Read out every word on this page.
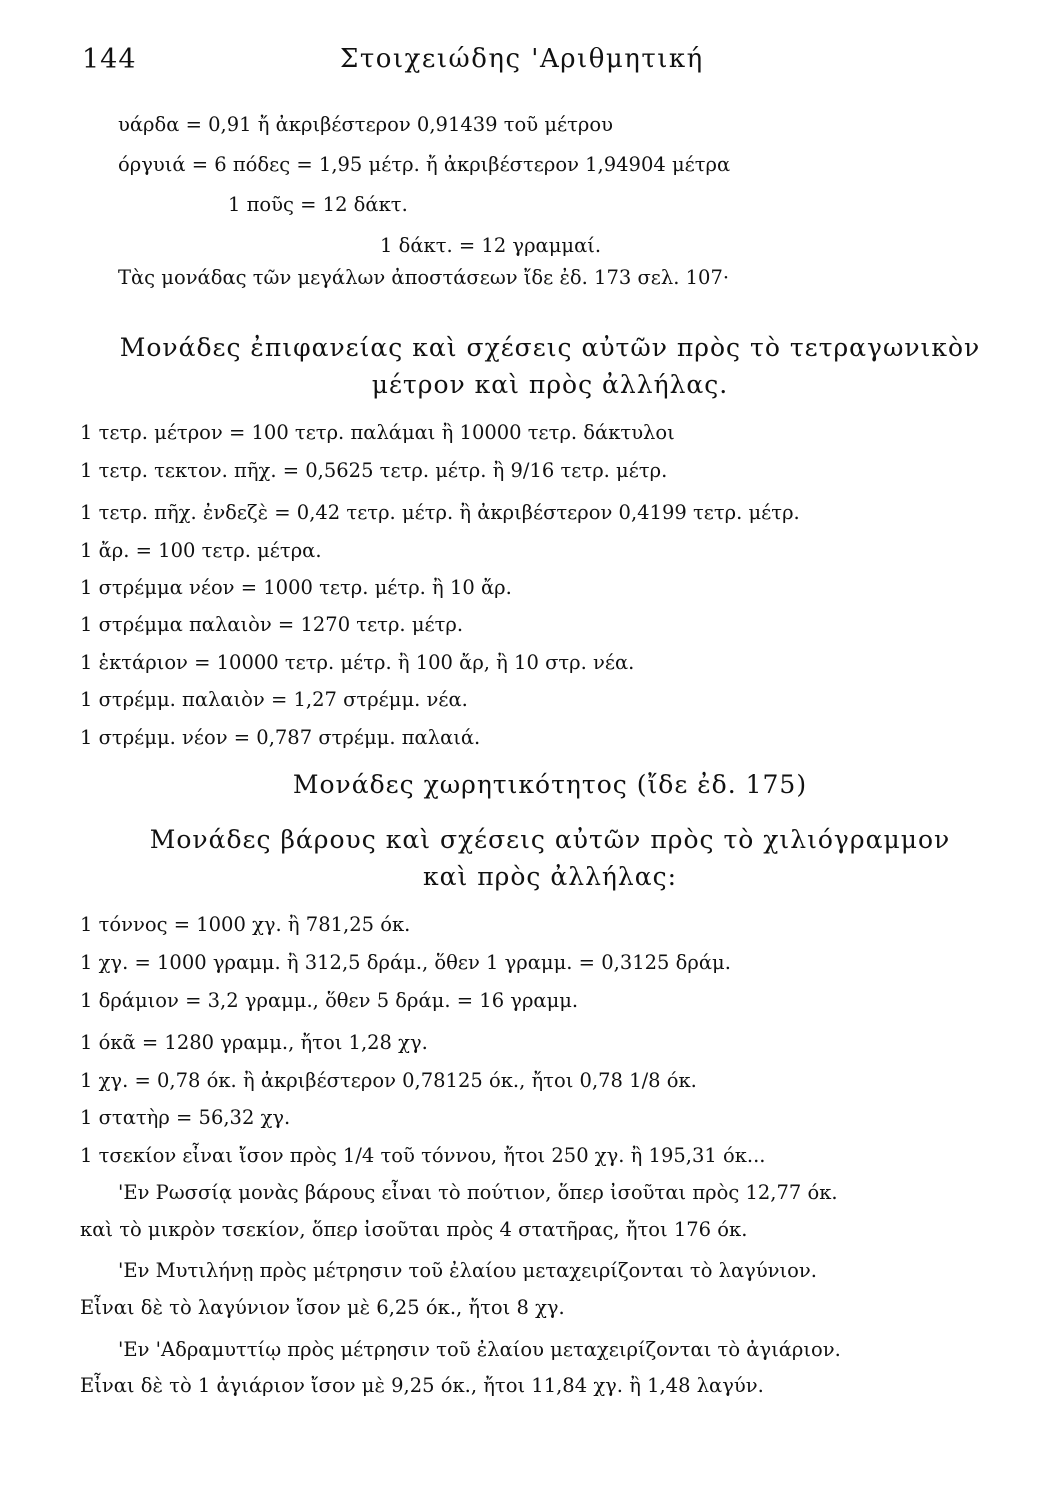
144	Στοιχειώδης 'Αριθμητική
υάρδα = 0,91 ἤ ἀκριβέστερον 0,91439 τοῦ μέτρου
όργυιά = 6 πόδες = 1,95 μέτρ. ἤ ἀκριβέστερον 1,94904 μέτρα
1 ποῦς = 12 δάκτ.
1 δάκτ. = 12 γραμμαί.
Τὰς μονάδας τῶν μεγάλων ἀποστάσεων ἴδε ἐδ. 173 σελ. 107·
Μονάδες ἐπιφανείας καὶ σχέσεις αὐτῶν πρὸς τὸ τετραγωνικὸν
μέτρον καὶ πρὸς ἀλλήλας.
1 τετρ. μέτρον = 100 τετρ. παλάμαι ἢ 10000 τετρ. δάκτυλοι
1 τετρ. τεκτον. πῆχ. = 0,5625 τετρ. μέτρ. ἢ 9/16 τετρ. μέτρ.
1 τετρ. πῆχ. ἐνδεζὲ = 0,42 τετρ. μέτρ. ἢ ἀκριβέστερον 0,4199 τετρ. μέτρ.
1 ἄρ. = 100 τετρ. μέτρα.
1 στρέμμα νέον = 1000 τετρ. μέτρ. ἢ 10 ἄρ.
1 στρέμμα παλαιὸν = 1270 τετρ. μέτρ.
1 ἑκτάριον = 10000 τετρ. μέτρ. ἢ 100 ἄρ, ἢ 10 στρ. νέα.
1 στρέμμ. παλαιὸν = 1,27 στρέμμ. νέα.
1 στρέμμ. νέον = 0,787 στρέμμ. παλαιά.
Μονάδες χωρητικότητος (ἴδε ἐδ. 175)
Μονάδες βάρους καὶ σχέσεις αὐτῶν πρὸς τὸ χιλιόγραμμον
καὶ πρὸς ἀλλήλας:
1 τόννος = 1000 χγ. ἢ 781,25 όκ.
1 χγ. = 1000 γραμμ. ἢ 312,5 δράμ., ὅθεν 1 γραμμ. = 0,3125 δράμ.
1 δράμιον = 3,2 γραμμ., ὅθεν 5 δράμ. = 16 γραμμ.
1 όκᾶ = 1280 γραμμ., ἤτοι 1,28 χγ.
1 χγ. = 0,78 όκ. ἢ ἀκριβέστερον 0,78125 όκ., ἤτοι 0,78 1/8 όκ.
1 στατὴρ = 56,32 χγ.
1 τσεκίον εἶναι ἴσον πρὸς 1/4 τοῦ τόννου, ἤτοι 250 χγ. ἢ 195,31 όκ...
'Εν Ρωσσίᾳ μονὰς βάρους εἶναι τὸ πούτιον, ὅπερ ἰσοῦται πρὸς 12,77 όκ.
καὶ τὸ μικρὸν τσεκίον, ὅπερ ἰσοῦται πρὸς 4 στατῆρας, ἤτοι 176 όκ.
'Εν Μυτιλήνῃ πρὸς μέτρησιν τοῦ ἐλαίου μεταχειρίζονται τὸ λαγύνιον.
Εἶναι δὲ τὸ λαγύνιον ἴσον μὲ 6,25 όκ., ἤτοι 8 χγ.
'Εν 'Αδραμυττίῳ πρὸς μέτρησιν τοῦ ἐλαίου μεταχειρίζονται τὸ ἀγιάριον.
Εἶναι δὲ τὸ 1 ἀγιάριον ἴσον μὲ 9,25 όκ., ἤτοι 11,84 χγ. ἢ 1,48 λαγύν.
